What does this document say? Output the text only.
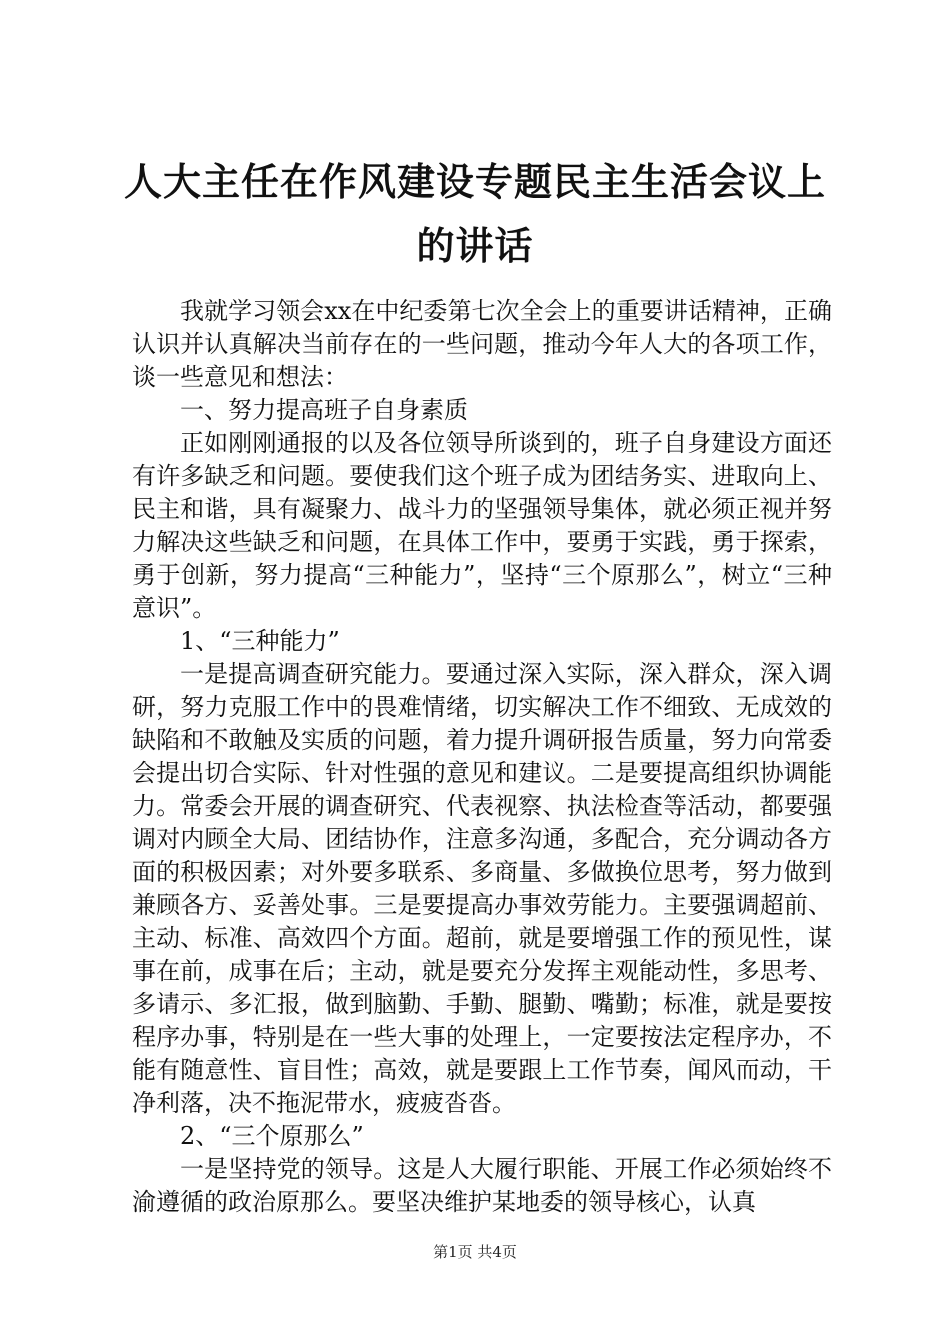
人大主任在作风建设专题民主生活会议上的讲话

我就学习领会xx在中纪委第七次全会上的重要讲话精神，正确认识并认真解决当前存在的一些问题，推动今年人大的各项工作，谈一些意见和想法：

一、努力提高班子自身素质

正如刚刚通报的以及各位领导所谈到的，班子自身建设方面还有许多缺乏和问题。要使我们这个班子成为团结务实、进取向上、民主和谐，具有凝聚力、战斗力的坚强领导集体，就必须正视并努力解决这些缺乏和问题，在具体工作中，要勇于实践，勇于探索，勇于创新，努力提高“三种能力”，坚持“三个原那么”，树立“三种意识”。

1、“三种能力”

一是提高调查研究能力。要通过深入实际，深入群众，深入调研，努力克服工作中的畏难情绪，切实解决工作不细致、无成效的缺陷和不敢触及实质的问题，着力提升调研报告质量，努力向常委会提出切合实际、针对性强的意见和建议。二是要提高组织协调能力。常委会开展的调查研究、代表视察、执法检查等活动，都要强调对内顾全大局、团结协作，注意多沟通，多配合，充分调动各方面的积极因素；对外要多联系、多商量、多做换位思考，努力做到兼顾各方、妥善处事。三是要提高办事效劳能力。主要强调超前、主动、标准、高效四个方面。超前，就是要增强工作的预见性，谋事在前，成事在后；主动，就是要充分发挥主观能动性，多思考、多请示、多汇报，做到脑勤、手勤、腿勤、嘴勤；标准，就是要按程序办事，特别是在一些大事的处理上，一定要按法定程序办，不能有随意性、盲目性；高效，就是要跟上工作节奏，闻风而动，干净利落，决不拖泥带水，疲疲沓沓。

2、“三个原那么”

一是坚持党的领导。这是人大履行职能、开展工作必须始终不渝遵循的政治原那么。要坚决维护某地委的领导核心，认真

第1页 共4页
